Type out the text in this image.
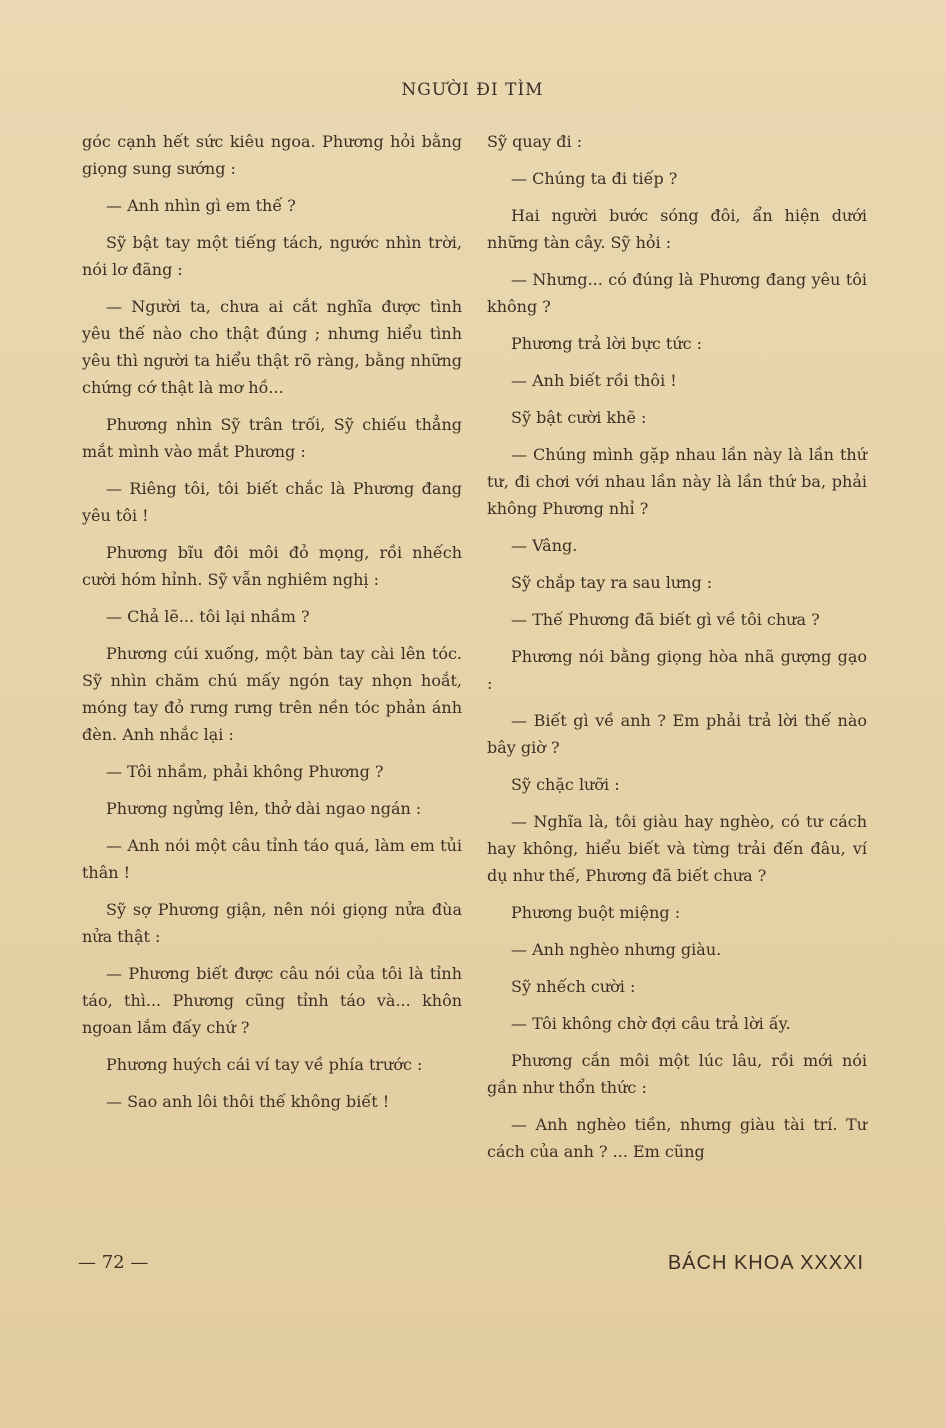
NGƯỜI ĐI TÌM

góc cạnh hết sức kiêu ngoa. Phương hỏi bằng giọng sung sướng :

— Anh nhìn gì em thế ?

Sỹ bật tay một tiếng tách, ngước nhìn trời, nói lơ đãng :

— Người ta, chưa ai cắt nghĩa được tình yêu thế nào cho thật đúng ; nhưng hiểu tình yêu thì người ta hiểu thật rõ ràng, bằng những chứng cớ thật là mơ hồ...

Phương nhìn Sỹ trân trối, Sỹ chiếu thẳng mắt mình vào mắt Phương :

— Riêng tôi, tôi biết chắc là Phương đang yêu tôi !

Phương bĩu đôi môi đỏ mọng, rồi nhếch cười hóm hỉnh. Sỹ vẫn nghiêm nghị :

— Chả lẽ... tôi lại nhầm ?

Phương cúi xuống, một bàn tay cài lên tóc. Sỹ nhìn chăm chú mấy ngón tay nhọn hoắt, móng tay đỏ rưng rưng trên nền tóc phản ánh đèn. Anh nhắc lại :

— Tôi nhầm, phải không Phương ?

Phương ngửng lên, thở dài ngao ngán :

— Anh nói một câu tỉnh táo quá, làm em tủi thân !

Sỹ sợ Phương giận, nên nói giọng nửa đùa nửa thật :

— Phương biết được câu nói của tôi là tỉnh táo, thì... Phương cũng tỉnh táo và... khôn ngoan lắm đấy chứ ?

Phương huých cái ví tay về phía trước :

— Sao anh lôi thôi thế không biết !

Sỹ quay đi :

— Chúng ta đi tiếp ?

Hai người bước sóng đôi, ẩn hiện dưới những tàn cây. Sỹ hỏi :

— Nhưng... có đúng là Phương đang yêu tôi không ?

Phương trả lời bực tức :

— Anh biết rồi thôi !

Sỹ bật cười khẽ :

— Chúng mình gặp nhau lần này là lần thứ tư, đi chơi với nhau lần này là lần thứ ba, phải không Phương nhỉ ?

— Vâng.

Sỹ chắp tay ra sau lưng :

— Thế Phương đã biết gì về tôi chưa ?

Phương nói bằng giọng hòa nhã gượng gạo :

— Biết gì về anh ? Em phải trả lời thế nào bây giờ ?

Sỹ chặc lưỡi :

— Nghĩa là, tôi giàu hay nghèo, có tư cách hay không, hiểu biết và từng trải đến đâu, ví dụ như thế, Phương đã biết chưa ?

Phương buột miệng :

— Anh nghèo nhưng giàu.

Sỹ nhếch cười :

— Tôi không chờ đợi câu trả lời ấy.

Phương cắn môi một lúc lâu, rồi mới nói gần như thổn thức :

— Anh nghèo tiền, nhưng giàu tài trí. Tư cách của anh ? ... Em cũng

— 72 —	BÁCH KHOA XXXXI
